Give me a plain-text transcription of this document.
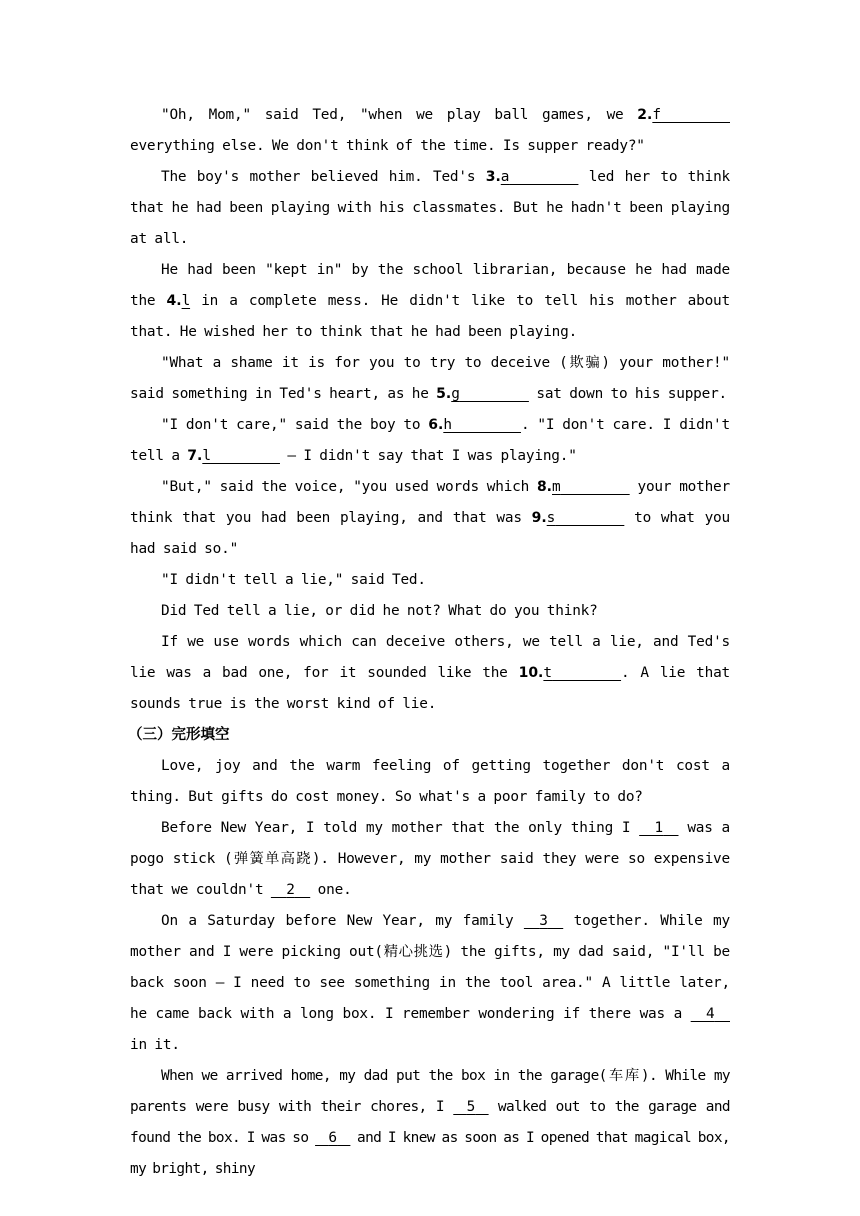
"Oh, Mom," said Ted, "when we play ball games, we 2.f         everything else. We don't think of the time. Is supper ready?"

The boy's mother believed him. Ted's 3.a	led her to think that he had been playing with his classmates. But he hadn't been playing at all.

He had been "kept in" by the school librarian, because he had made the 4.l in a complete mess. He didn't like to tell his mother about that. He wished her to think that he had been playing.

"What a shame it is for you to try to deceive (欺骗) your mother!" said something in Ted's heart, as he 5.g	sat down to his supper.

"I don't care," said the boy to 6.h	. "I don't care. I didn't tell a 7.l	— I didn't say that I was playing."

"But," said the voice, "you used words which 8.m	your mother think that you had been playing, and that was 9.s	to what you had said so."

"I didn't tell a lie," said Ted.

Did Ted tell a lie, or did he not? What do you think?

If we use words which can deceive others, we tell a lie, and Ted's lie was a bad one, for it sounded like the 10.t	. A lie that sounds true is the worst kind of lie.

（三）完形填空

Love, joy and the warm feeling of getting together don't cost a thing. But gifts do cost money. So what's a poor family to do?

Before New Year, I told my mother that the only thing I   1   was a pogo stick (弹簧单高跷). However, my mother said they were so expensive that we couldn't   2   one.

On a Saturday before New Year, my family   3   together. While my mother and I were picking out(精心挑选) the gifts, my dad said, "I'll be back soon — I need to see something in the tool area." A little later, he came back with a long box. I remember wondering if there was a   4   in it.

When we arrived home, my dad put the box in the garage(车库). While my parents were busy with their chores, I   5   walked out to the garage and found the box. I was so   6   and I knew as soon as I opened that magical box, my bright, shiny
